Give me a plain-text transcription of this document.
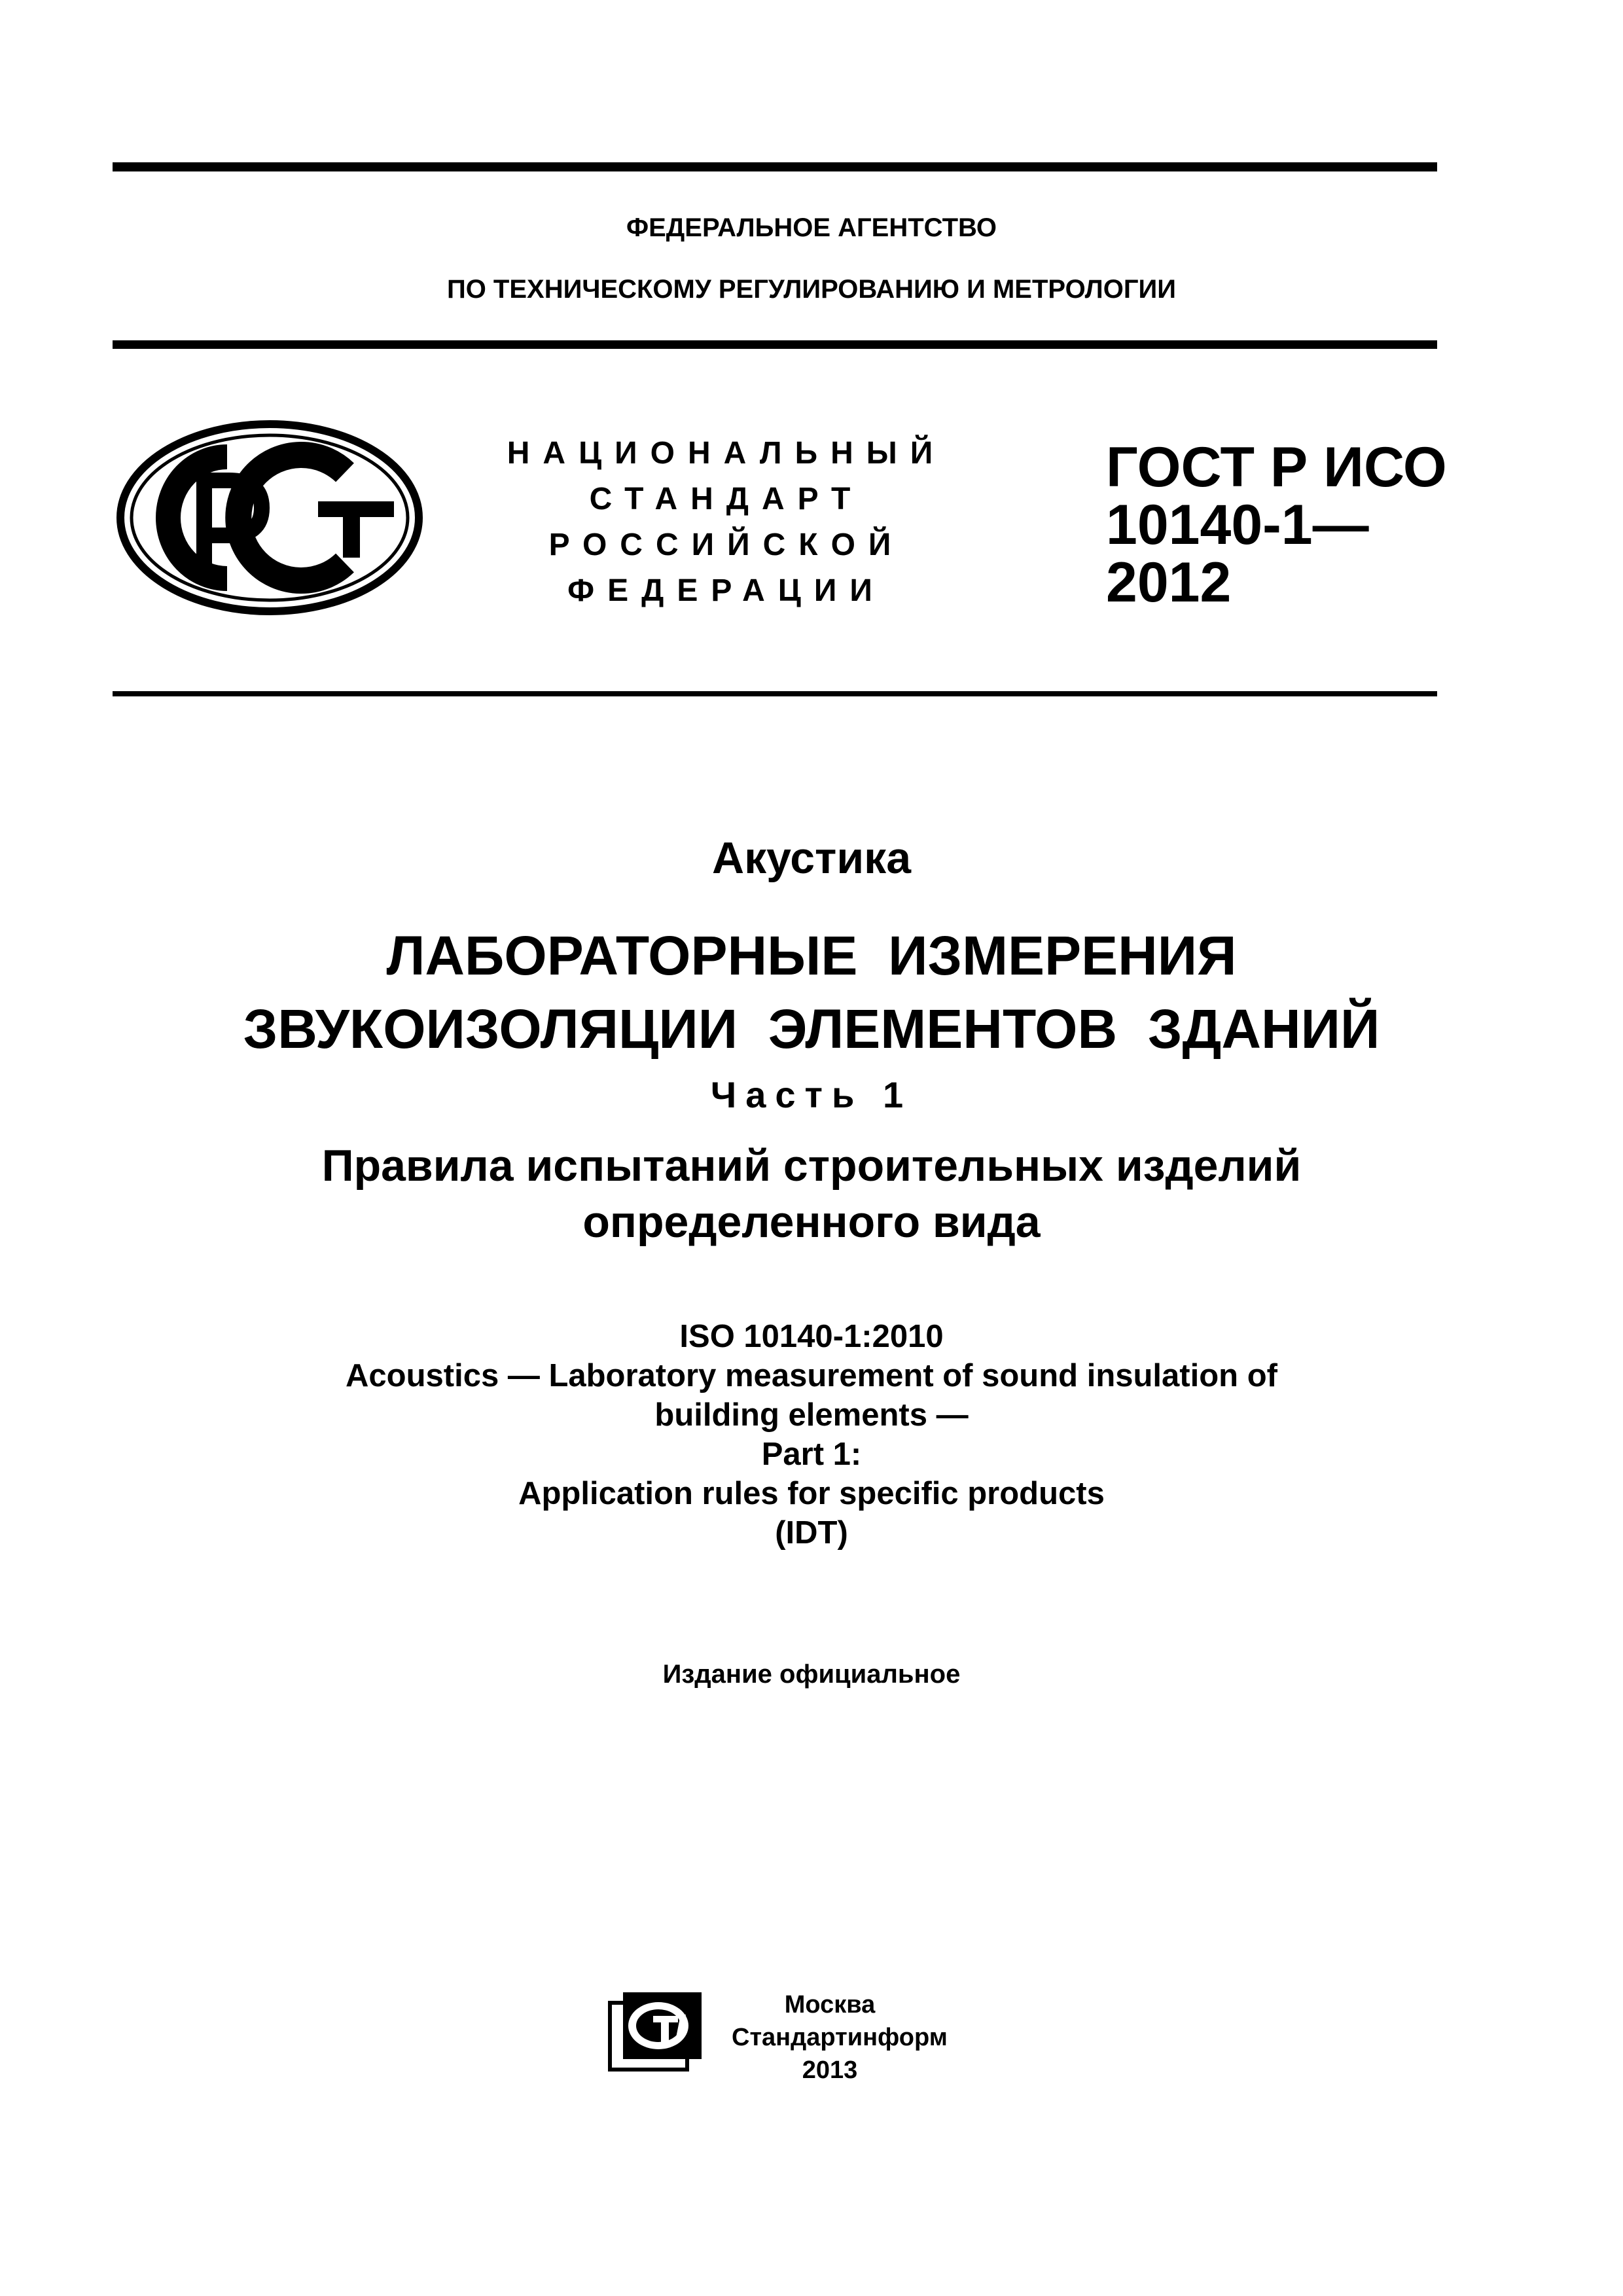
ФЕДЕРАЛЬНОЕ АГЕНТСТВО
ПО ТЕХНИЧЕСКОМУ РЕГУЛИРОВАНИЮ И МЕТРОЛОГИИ
НАЦИОНАЛЬНЫЙ
СТАНДАРТ
РОССИЙСКОЙ
ФЕДЕРАЦИИ
ГОСТ Р ИСО
10140-1—
2012
Акустика
ЛАБОРАТОРНЫЕ  ИЗМЕРЕНИЯ
ЗВУКОИЗОЛЯЦИИ  ЭЛЕМЕНТОВ  ЗДАНИЙ
Часть 1
Правила испытаний строительных изделий
определенного вида
ISO 10140-1:2010
Acoustics — Laboratory measurement of sound insulation of
building elements —
Part 1:
Application rules for specific products
(IDT)
Издание официальное
Москва
Стандартинформ
2013
